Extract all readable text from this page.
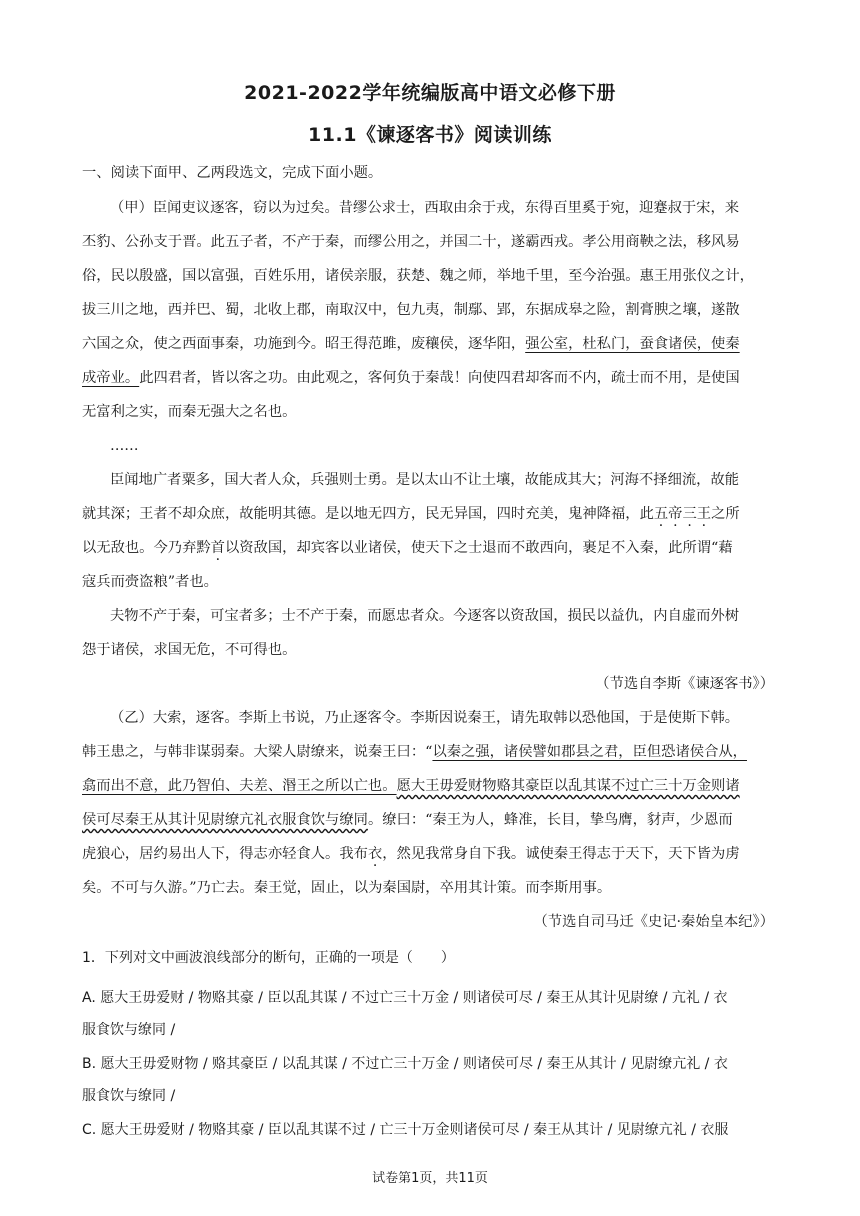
2021-2022学年统编版高中语文必修下册
11.1《谏逐客书》阅读训练
一、阅读下面甲、乙两段选文，完成下面小题。
（甲）臣闻吏议逐客，窃以为过矣。昔缪公求士，西取由余于戎，东得百里奚于宛，迎蹇叔于宋，来
丕豹、公孙支于晋。此五子者，不产于秦，而缪公用之，并国二十，遂霸西戎。孝公用商鞅之法，移风易
俗，民以殷盛，国以富强，百姓乐用，诸侯亲服，获楚、魏之师，举地千里，至今治强。惠王用张仪之计，
拔三川之地，西并巴、蜀，北收上郡，南取汉中，包九夷，制鄢、郢，东据成皋之险，割膏腴之壤，遂散
六国之众，使之西面事秦，功施到今。昭王得范雎，废穰侯，逐华阳，强公室，杜私门，蚕食诸侯，使秦
成帝业。此四君者，皆以客之功。由此观之，客何负于秦哉！向使四君却客而不内，疏士而不用，是使国
无富利之实，而秦无强大之名也。
……
臣闻地广者粟多，国大者人众，兵强则士勇。是以太山不让土壤，故能成其大；河海不择细流，故能
就其深；王者不却众庶，故能明其德。是以地无四方，民无异国，四时充美，鬼神降福，此五帝三王之所
以无敌也。今乃弃黔首以资敌国，却宾客以业诸侯，使天下之士退而不敢西向，裹足不入秦，此所谓“藉
寇兵而赍盗粮”者也。
夫物不产于秦，可宝者多；士不产于秦，而愿忠者众。今逐客以资敌国，损民以益仇，内自虚而外树
怨于诸侯，求国无危，不可得也。
（节选自李斯《谏逐客书》）
（乙）大索，逐客。李斯上书说，乃止逐客令。李斯因说秦王，请先取韩以恐他国，于是使斯下韩。
韩王患之，与韩非谋弱秦。大梁人尉缭来，说秦王曰：“以秦之强，诸侯譬如郡县之君，臣但恐诸侯合从，
翕而出不意，此乃智伯、夫差、湣王之所以亡也。愿大王毋爱财物赂其豪臣以乱其谋不过亡三十万金则诸
侯可尽秦王从其计见尉缭亢礼衣服食饮与缭同。缭曰：“秦王为人，蜂准，长目，挚鸟膺，豺声，少恩而
虎狼心，居约易出人下，得志亦轻食人。我布衣，然见我常身自下我。诚使秦王得志于天下，天下皆为虏
矣。不可与久游。”乃亡去。秦王觉，固止，以为秦国尉，卒用其计策。而李斯用事。
（节选自司马迁《史记·秦始皇本纪》）
1．下列对文中画波浪线部分的断句，正确的一项是（　　）
A. 愿大王毋爱财 / 物赂其豪 / 臣以乱其谋 / 不过亡三十万金 / 则诸侯可尽 / 秦王从其计见尉缭 / 亢礼 / 衣
服食饮与缭同 /
B. 愿大王毋爱财物 / 赂其豪臣 / 以乱其谋 / 不过亡三十万金 / 则诸侯可尽 / 秦王从其计 / 见尉缭亢礼 / 衣
服食饮与缭同 /
C. 愿大王毋爱财 / 物赂其豪 / 臣以乱其谋不过 / 亡三十万金则诸侯可尽 / 秦王从其计 / 见尉缭亢礼 / 衣服
试卷第1页，共11页
